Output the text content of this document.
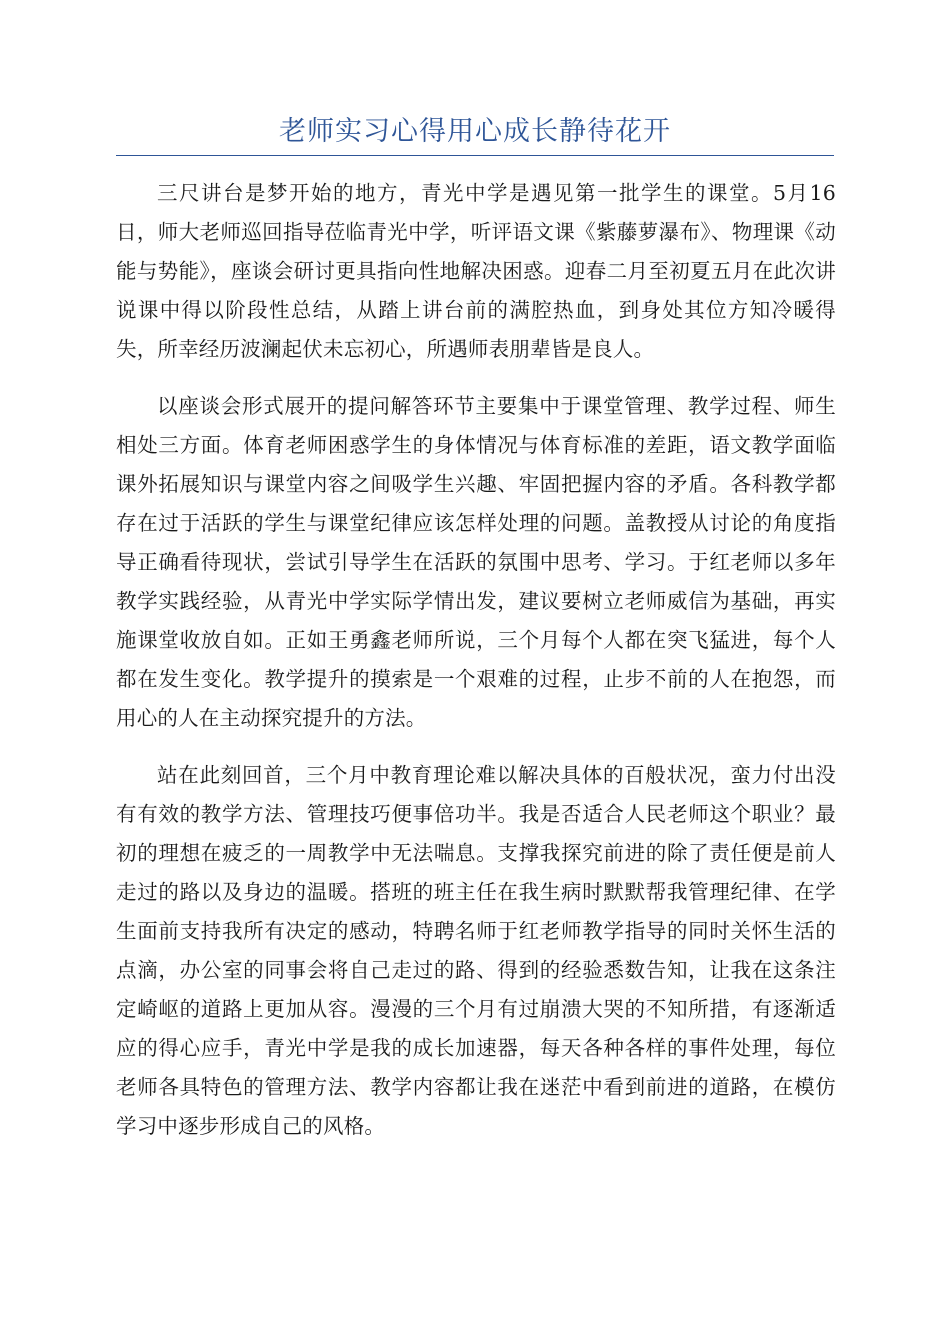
老师实习心得用心成长静待花开

三尺讲台是梦开始的地方，青光中学是遇见第一批学生的课堂。5月16日，师大老师巡回指导莅临青光中学，听评语文课《紫藤萝瀑布》、物理课《动能与势能》，座谈会研讨更具指向性地解决困惑。迎春二月至初夏五月在此次讲说课中得以阶段性总结，从踏上讲台前的满腔热血，到身处其位方知冷暖得失，所幸经历波澜起伏未忘初心，所遇师表朋辈皆是良人。

以座谈会形式展开的提问解答环节主要集中于课堂管理、教学过程、师生相处三方面。体育老师困惑学生的身体情况与体育标准的差距，语文教学面临课外拓展知识与课堂内容之间吸学生兴趣、牢固把握内容的矛盾。各科教学都存在过于活跃的学生与课堂纪律应该怎样处理的问题。盖教授从讨论的角度指导正确看待现状，尝试引导学生在活跃的氛围中思考、学习。于红老师以多年教学实践经验，从青光中学实际学情出发，建议要树立老师威信为基础，再实施课堂收放自如。正如王勇鑫老师所说，三个月每个人都在突飞猛进，每个人都在发生变化。教学提升的摸索是一个艰难的过程，止步不前的人在抱怨，而用心的人在主动探究提升的方法。

站在此刻回首，三个月中教育理论难以解决具体的百般状况，蛮力付出没有有效的教学方法、管理技巧便事倍功半。我是否适合人民老师这个职业？最初的理想在疲乏的一周教学中无法喘息。支撑我探究前进的除了责任便是前人走过的路以及身边的温暖。搭班的班主任在我生病时默默帮我管理纪律、在学生面前支持我所有决定的感动，特聘名师于红老师教学指导的同时关怀生活的点滴，办公室的同事会将自己走过的路、得到的经验悉数告知，让我在这条注定崎岖的道路上更加从容。漫漫的三个月有过崩溃大哭的不知所措，有逐渐适应的得心应手，青光中学是我的成长加速器，每天各种各样的事件处理，每位老师各具特色的管理方法、教学内容都让我在迷茫中看到前进的道路，在模仿学习中逐步形成自己的风格。
